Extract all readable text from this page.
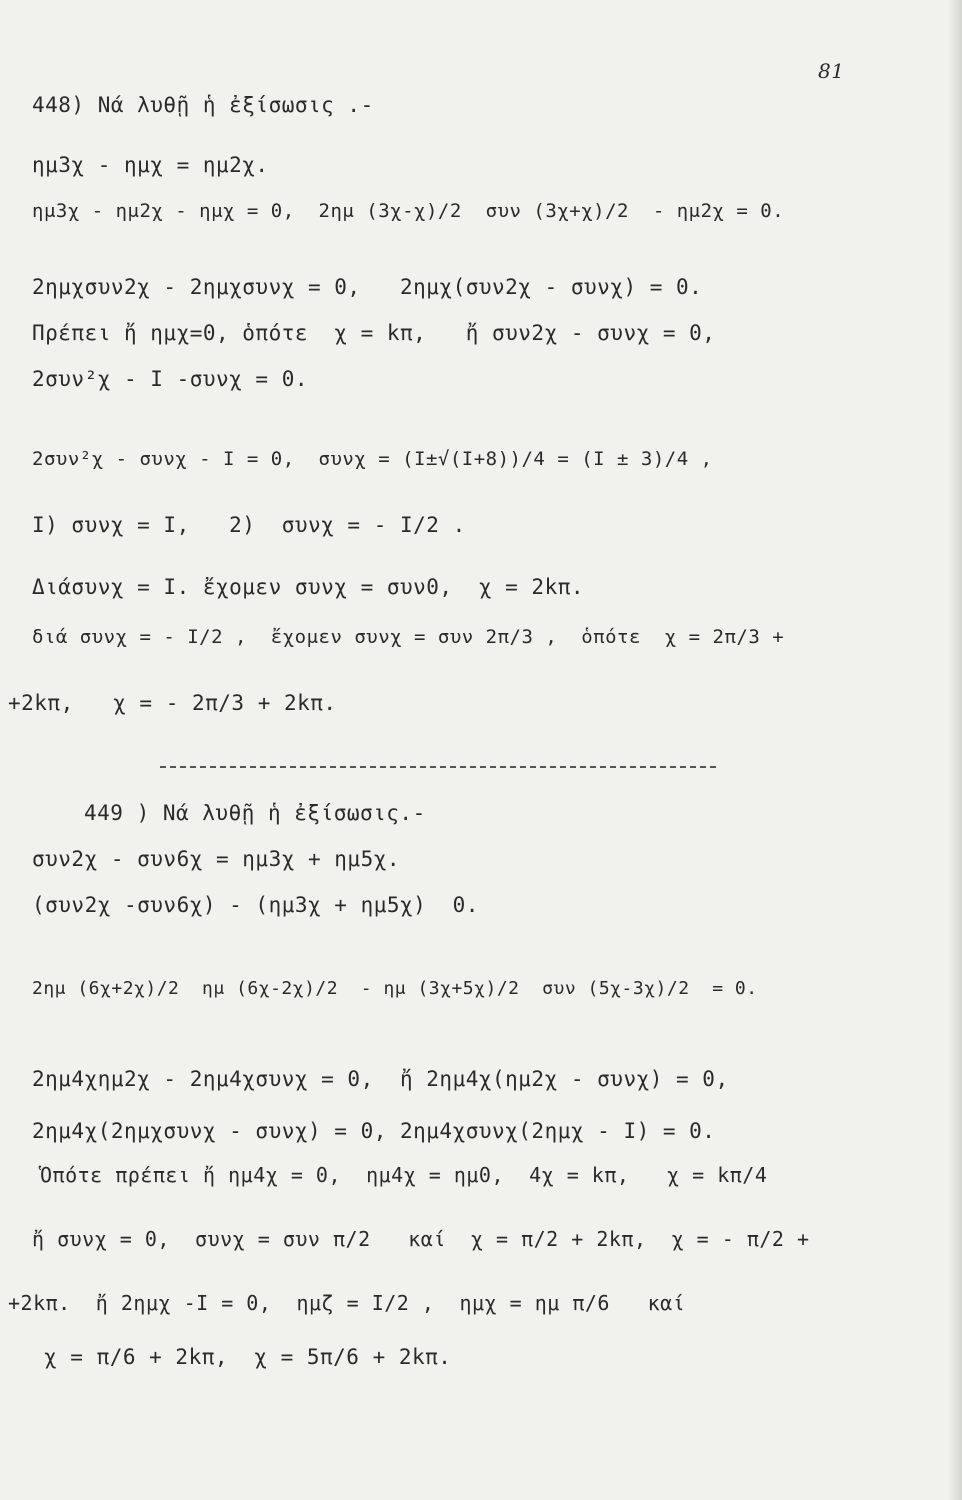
81
448) Νά λυθῇ ἡ ἐξίσωσις .-
ημ3χ - ημχ = ημ2χ.
ημ3χ - ημ2χ - ημχ = 0,  2ημ (3χ-χ)/2  συν (3χ+χ)/2  - ημ2χ = 0.
2ημχσυν2χ - 2ημχσυνχ = 0,   2ημχ(συν2χ - συνχ) = 0.
Πρέπει ἤ ημχ=0, ὁπότε  χ = kπ,   ἤ συν2χ - συνχ = 0,
2συν²χ - I -συνχ = 0.
2συν²χ - συνχ - I = 0,  συνχ = (I±√(I+8))/4 = (I ± 3)/4 ,
I) συνχ = I,   2)  συνχ = - I/2 .
Διάσυνχ = I. ἔχομεν συνχ = συν0,  χ = 2kπ.
διά συνχ = - I/2 ,  ἔχομεν συνχ = συν 2π/3 ,  ὁπότε  χ = 2π/3 +
+2kπ,   χ = - 2π/3 + 2kπ.
449 ) Νά λυθῇ ἡ ἐξίσωσις.-
συν2χ - συν6χ = ημ3χ + ημ5χ.
(συν2χ -συν6χ) - (ημ3χ + ημ5χ)  0.
2ημ (6χ+2χ)/2  ημ (6χ-2χ)/2  - ημ (3χ+5χ)/2  συν (5χ-3χ)/2  = 0.
2ημ4χημ2χ - 2ημ4χσυνχ = 0,  ἤ 2ημ4χ(ημ2χ - συνχ) = 0,
2ημ4χ(2ημχσυνχ - συνχ) = 0, 2ημ4χσυνχ(2ημχ - I) = 0.
Ὁπότε πρέπει ἤ ημ4χ = 0,  ημ4χ = ημ0,  4χ = kπ,   χ = kπ/4
ἤ συνχ = 0,  συνχ = συν π/2   καί  χ = π/2 + 2kπ,  χ = - π/2 +
+2kπ.  ἤ 2ημχ -I = 0,  ημζ = I/2 ,  ημχ = ημ π/6   καί
χ = π/6 + 2kπ,  χ = 5π/6 + 2kπ.
